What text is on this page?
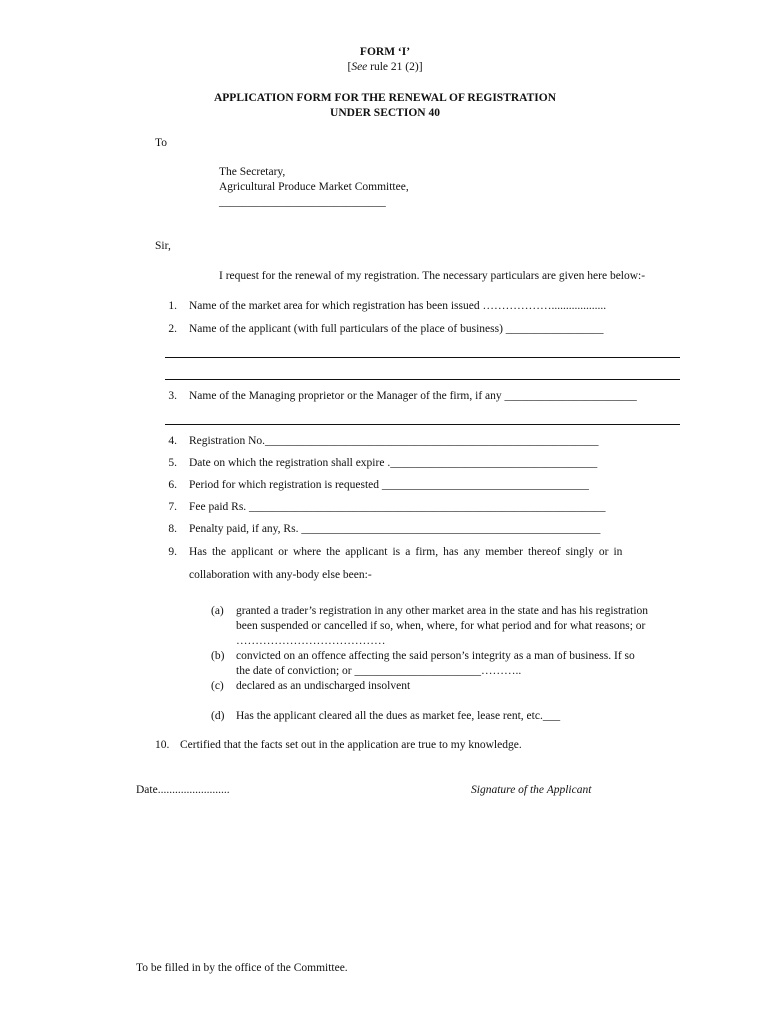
FORM ‘I’
[See rule 21 (2)]
APPLICATION FORM FOR THE RENEWAL OF REGISTRATION
UNDER SECTION 40
To
The Secretary,
Agricultural Produce Market Committee,
_____________________________
Sir,
I request for the renewal of my registration. The necessary particulars are given here below:-
1. Name of the market area for which registration has been issued ………………...................
2. Name of the applicant (with full particulars of the place of business) _________________
3. Name of the Managing proprietor or the Manager of the firm, if any _______________________
4. Registration No.__________________________________________________________
5. Date on which the registration shall expire .____________________________________
6. Period for which registration is requested ____________________________________
7. Fee paid Rs. ______________________________________________________________
8. Penalty paid, if any, Rs. ____________________________________________________
9. Has the applicant or where the applicant is a firm, has any member thereof singly or in
collaboration with any-body else been:-
(a) granted a trader’s registration in any other market area in the state and has his registration
been suspended or cancelled if so, when, where, for what period and for what reasons; or
…………………………………
(b) convicted on an offence affecting the said person’s integrity as a man of business. If so
the date of conviction; or ______________________………..
(c) declared as an undischarged insolvent
(d) Has the applicant cleared all the dues as market fee, lease rent, etc.___
10. Certified that the facts set out in the application are true to my knowledge.
Date.........................	Signature of the Applicant
To be filled in by the office of the Committee.
